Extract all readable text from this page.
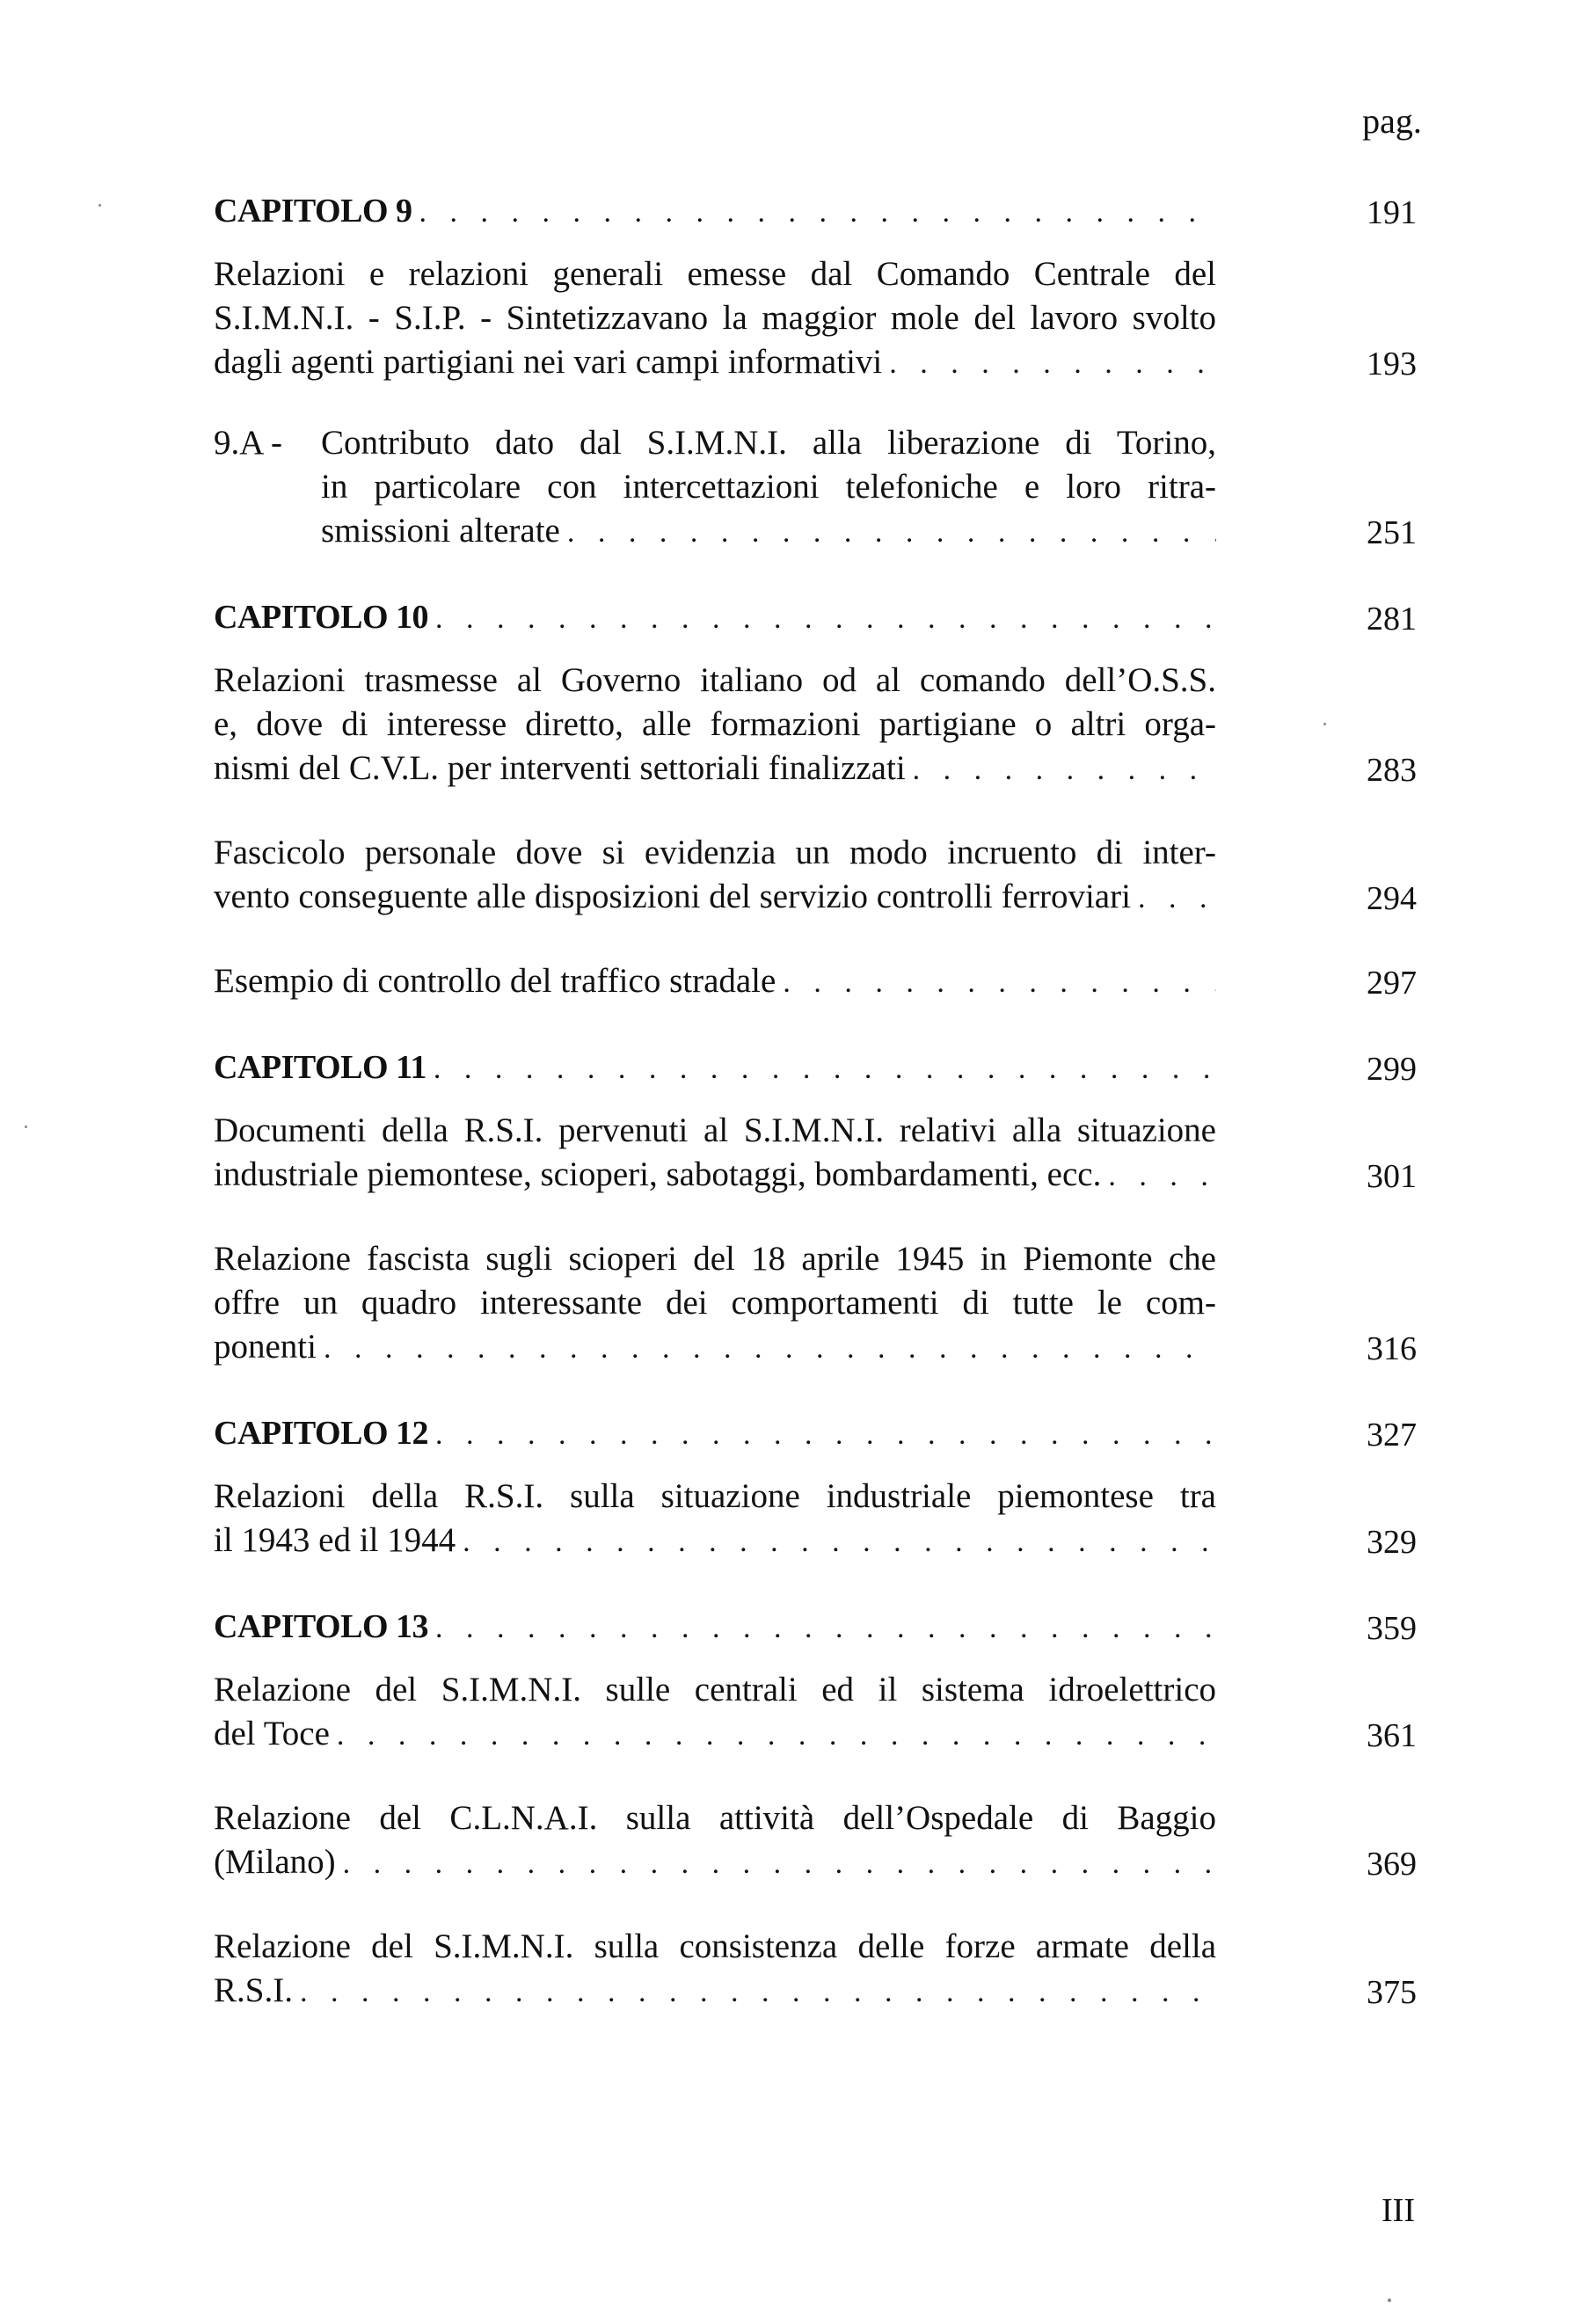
pag.
CAPITOLO 9 . . .	191
Relazioni e relazioni generali emesse dal Comando Centrale del
S.I.M.N.I. - S.I.P. - Sintetizzavano la maggior mole del lavoro svolto
dagli agenti partigiani nei vari campi informativi . . .	193
9.A -	Contributo dato dal S.I.M.N.I. alla liberazione di Torino,
in particolare con intercettazioni telefoniche e loro ritra-
smissioni alterate . . .	251
CAPITOLO 10 . . .	281
Relazioni trasmesse al Governo italiano od al comando dell’O.S.S.
e, dove di interesse diretto, alle formazioni partigiane o altri orga-
nismi del C.V.L. per interventi settoriali finalizzati . . .	283
Fascicolo personale dove si evidenzia un modo incruento di inter-
vento conseguente alle disposizioni del servizio controlli ferroviari . . .	294
Esempio di controllo del traffico stradale . . .	297
CAPITOLO 11 . . .	299
Documenti della R.S.I. pervenuti al S.I.M.N.I. relativi alla situazione
industriale piemontese, scioperi, sabotaggi, bombardamenti, ecc. . . .	301
Relazione fascista sugli scioperi del 18 aprile 1945 in Piemonte che
offre un quadro interessante dei comportamenti di tutte le com-
ponenti . . .	316
CAPITOLO 12 . . .	327
Relazioni della R.S.I. sulla situazione industriale piemontese tra
il 1943 ed il 1944 . . .	329
CAPITOLO 13 . . .	359
Relazione del S.I.M.N.I. sulle centrali ed il sistema idroelettrico
del Toce . . .	361
Relazione del C.L.N.A.I. sulla attività dell’Ospedale di Baggio
(Milano) . . .	369
Relazione del S.I.M.N.I. sulla consistenza delle forze armate della
R.S.I. . . .	375
III
